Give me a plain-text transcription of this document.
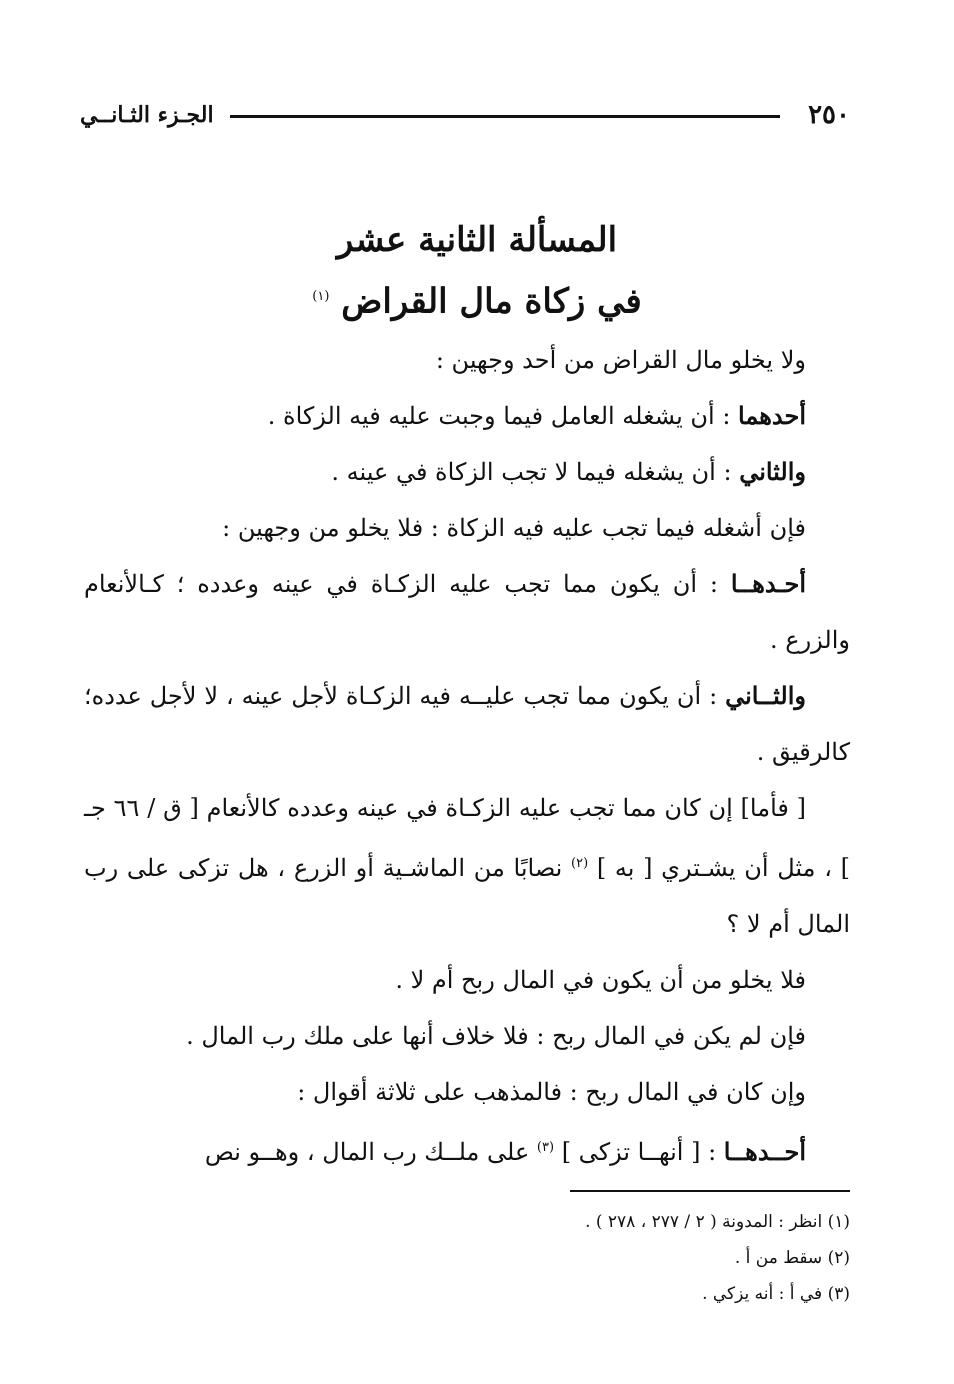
٢٥٠
الجـزء الثـانــي
المسألة الثانية عشر
في زكاة مال القراض $^{(١)}$

ولا يخلو مال القراض من أحد وجهين :

أحدهما : أن يشغله العامل فيما وجبت عليه فيه الزكاة .

والثاني : أن يشغله فيما لا تجب الزكاة في عينه .

فإن أشغله فيما تجب عليه فيه الزكاة : فلا يخلو من وجهين :

أحـدهــا : أن يكون مما تجب عليه الزكـاة في عينه وعدده ؛ كـالأنعام والزرع .

والثــاني : أن يكون مما تجب عليــه فيه الزكـاة لأجل عينه ، لا لأجل عدده؛ كالرقيق .

[ فأما] إن كان مما تجب عليه الزكـاة في عينه وعدده كالأنعام [ ق / ٦٦ جـ ] ، مثل أن يشـتري [ به ] $^{(٢)}$ نصابًا من الماشـية أو الزرع ، هل تزكى على رب المال أم لا ؟

فلا يخلو من أن يكون في المال ربح أم لا .

فإن لم يكن في المال ربح : فلا خلاف أنها على ملك رب المال .

وإن كان في المال ربح : فالمذهب على ثلاثة أقوال :

أحــدهــا : [ أنهــا تزكى ] $^{(٣)}$ على ملــك رب المال ، وهــو نص

(١) انظر : المدونة ( ٢ / ٢٧٧ ، ٢٧٨ ) .

(٢) سقط من أ .

(٣) في أ : أنه يزكي .
